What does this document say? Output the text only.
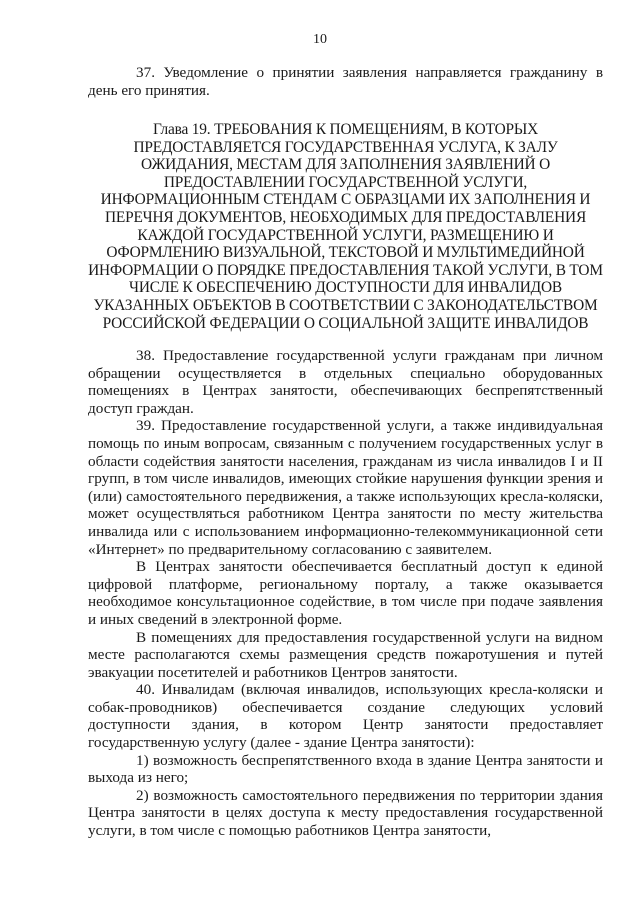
10

37. Уведомление о принятии заявления направляется гражданину в день его принятия.

Глава 19. ТРЕБОВАНИЯ К ПОМЕЩЕНИЯМ, В КОТОРЫХ ПРЕДОСТАВЛЯЕТСЯ ГОСУДАРСТВЕННАЯ УСЛУГА, К ЗАЛУ ОЖИДАНИЯ, МЕСТАМ ДЛЯ ЗАПОЛНЕНИЯ ЗАЯВЛЕНИЙ О ПРЕДОСТАВЛЕНИИ ГОСУДАРСТВЕННОЙ УСЛУГИ, ИНФОРМАЦИОННЫМ СТЕНДАМ С ОБРАЗЦАМИ ИХ ЗАПОЛНЕНИЯ И ПЕРЕЧНЯ ДОКУМЕНТОВ, НЕОБХОДИМЫХ ДЛЯ ПРЕДОСТАВЛЕНИЯ КАЖДОЙ ГОСУДАРСТВЕННОЙ УСЛУГИ, РАЗМЕЩЕНИЮ И ОФОРМЛЕНИЮ ВИЗУАЛЬНОЙ, ТЕКСТОВОЙ И МУЛЬТИМЕДИЙНОЙ ИНФОРМАЦИИ О ПОРЯДКЕ ПРЕДОСТАВЛЕНИЯ ТАКОЙ УСЛУГИ, В ТОМ ЧИСЛЕ К ОБЕСПЕЧЕНИЮ ДОСТУПНОСТИ ДЛЯ ИНВАЛИДОВ УКАЗАННЫХ ОБЪЕКТОВ В СООТВЕТСТВИИ С ЗАКОНОДАТЕЛЬСТВОМ РОССИЙСКОЙ ФЕДЕРАЦИИ О СОЦИАЛЬНОЙ ЗАЩИТЕ ИНВАЛИДОВ

38. Предоставление государственной услуги гражданам при личном обращении осуществляется в отдельных специально оборудованных помещениях в Центрах занятости, обеспечивающих беспрепятственный доступ граждан.

39. Предоставление государственной услуги, а также индивидуальная помощь по иным вопросам, связанным с получением государственных услуг в области содействия занятости населения, гражданам из числа инвалидов I и II групп, в том числе инвалидов, имеющих стойкие нарушения функции зрения и (или) самостоятельного передвижения, а также использующих кресла-коляски, может осуществляться работником Центра занятости по месту жительства инвалида или с использованием информационно-телекоммуникационной сети «Интернет» по предварительному согласованию с заявителем.

В Центрах занятости обеспечивается бесплатный доступ к единой цифровой платформе, региональному порталу, а также оказывается необходимое консультационное содействие, в том числе при подаче заявления и иных сведений в электронной форме.

В помещениях для предоставления государственной услуги на видном месте располагаются схемы размещения средств пожаротушения и путей эвакуации посетителей и работников Центров занятости.

40. Инвалидам (включая инвалидов, использующих кресла-коляски и собак-проводников) обеспечивается создание следующих условий доступности здания, в котором Центр занятости предоставляет государственную услугу (далее - здание Центра занятости):

1) возможность беспрепятственного входа в здание Центра занятости и выхода из него;

2) возможность самостоятельного передвижения по территории здания Центра занятости в целях доступа к месту предоставления государственной услуги, в том числе с помощью работников Центра занятости,
